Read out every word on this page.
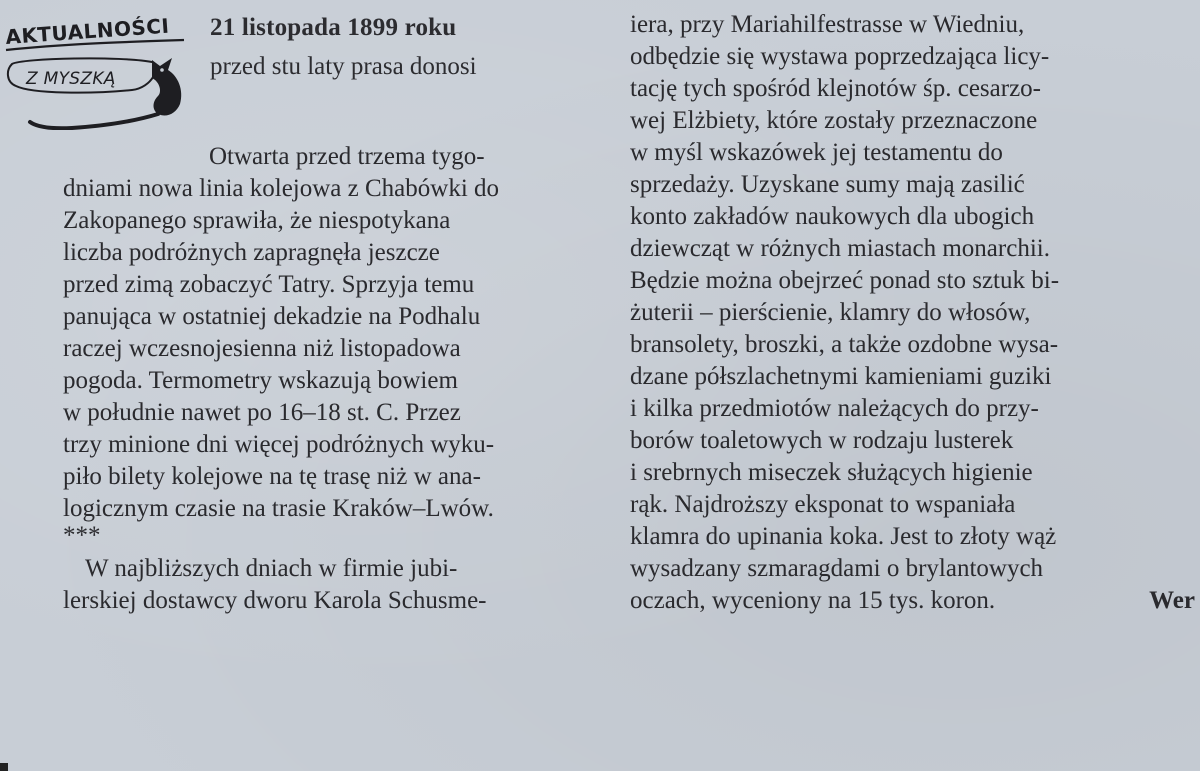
AKTUALNOŚCI
Z MYSZKĄ
21 listopada 1899 roku
przed stu laty prasa donosi
Otwarta przed trzema tygo-
dniami nowa linia kolejowa z Chabówki do
Zakopanego sprawiła, że niespotykana
liczba podróżnych zapragnęła jeszcze
przed zimą zobaczyć Tatry. Sprzyja temu
panująca w ostatniej dekadzie na Podhalu
raczej wczesnojesienna niż listopadowa
pogoda. Termometry wskazują bowiem
w południe nawet po 16–18 st. C. Przez
trzy minione dni więcej podróżnych wyku-
piło bilety kolejowe na tę trasę niż w ana-
logicznym czasie na trasie Kraków–Lwów.
***
W najbliższych dniach w firmie jubi-
lerskiej dostawcy dworu Karola Schusme-
iera, przy Mariahilfestrasse w Wiedniu,
odbędzie się wystawa poprzedzająca licy-
tację tych spośród klejnotów śp. cesarzo-
wej Elżbiety, które zostały przeznaczone
w myśl wskazówek jej testamentu do
sprzedaży. Uzyskane sumy mają zasilić
konto zakładów naukowych dla ubogich
dziewcząt w różnych miastach monarchii.
Będzie można obejrzeć ponad sto sztuk bi-
żuterii – pierścienie, klamry do włosów,
bransolety, broszki, a także ozdobne wysa-
dzane półszlachetnymi kamieniami guziki
i kilka przedmiotów należących do przy-
borów toaletowych w rodzaju lusterek
i srebrnych miseczek służących higienie
rąk. Najdroższy eksponat to wspaniała
klamra do upinania koka. Jest to złoty wąż
wysadzany szmaragdami o brylantowych
oczach, wyceniony na 15 tys. koron.	Wer
